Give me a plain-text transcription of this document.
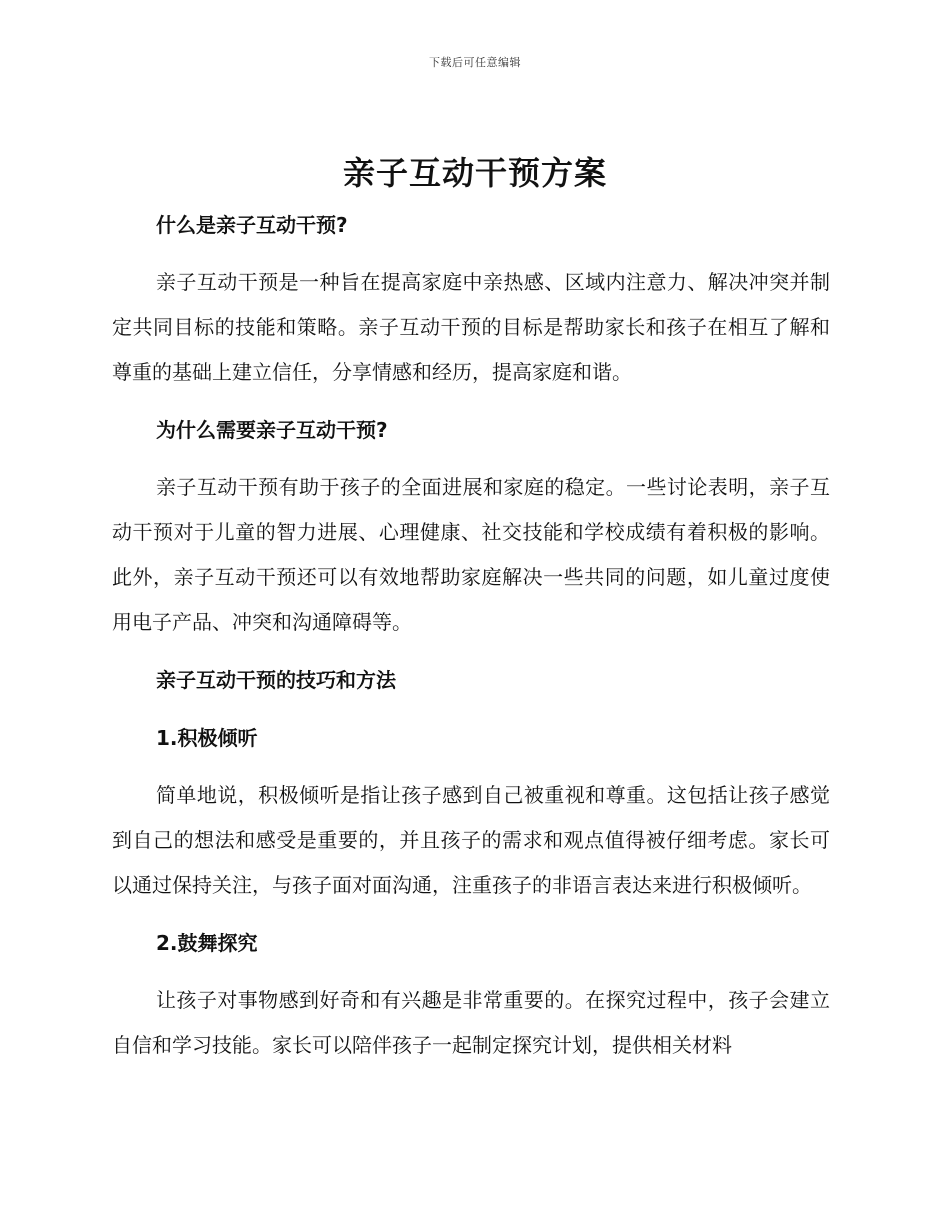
下载后可任意编辑
亲子互动干预方案
什么是亲子互动干预?

亲子互动干预是一种旨在提高家庭中亲热感、区域内注意力、解决冲突并制定共同目标的技能和策略。亲子互动干预的目标是帮助家长和孩子在相互了解和尊重的基础上建立信任，分享情感和经历，提高家庭和谐。

为什么需要亲子互动干预?

亲子互动干预有助于孩子的全面进展和家庭的稳定。一些讨论表明，亲子互动干预对于儿童的智力进展、心理健康、社交技能和学校成绩有着积极的影响。此外，亲子互动干预还可以有效地帮助家庭解决一些共同的问题，如儿童过度使用电子产品、冲突和沟通障碍等。

亲子互动干预的技巧和方法
1.积极倾听

简单地说，积极倾听是指让孩子感到自己被重视和尊重。这包括让孩子感觉到自己的想法和感受是重要的，并且孩子的需求和观点值得被仔细考虑。家长可以通过保持关注，与孩子面对面沟通，注重孩子的非语言表达来进行积极倾听。

2.鼓舞探究

让孩子对事物感到好奇和有兴趣是非常重要的。在探究过程中，孩子会建立自信和学习技能。家长可以陪伴孩子一起制定探究计划，提供相关材料
